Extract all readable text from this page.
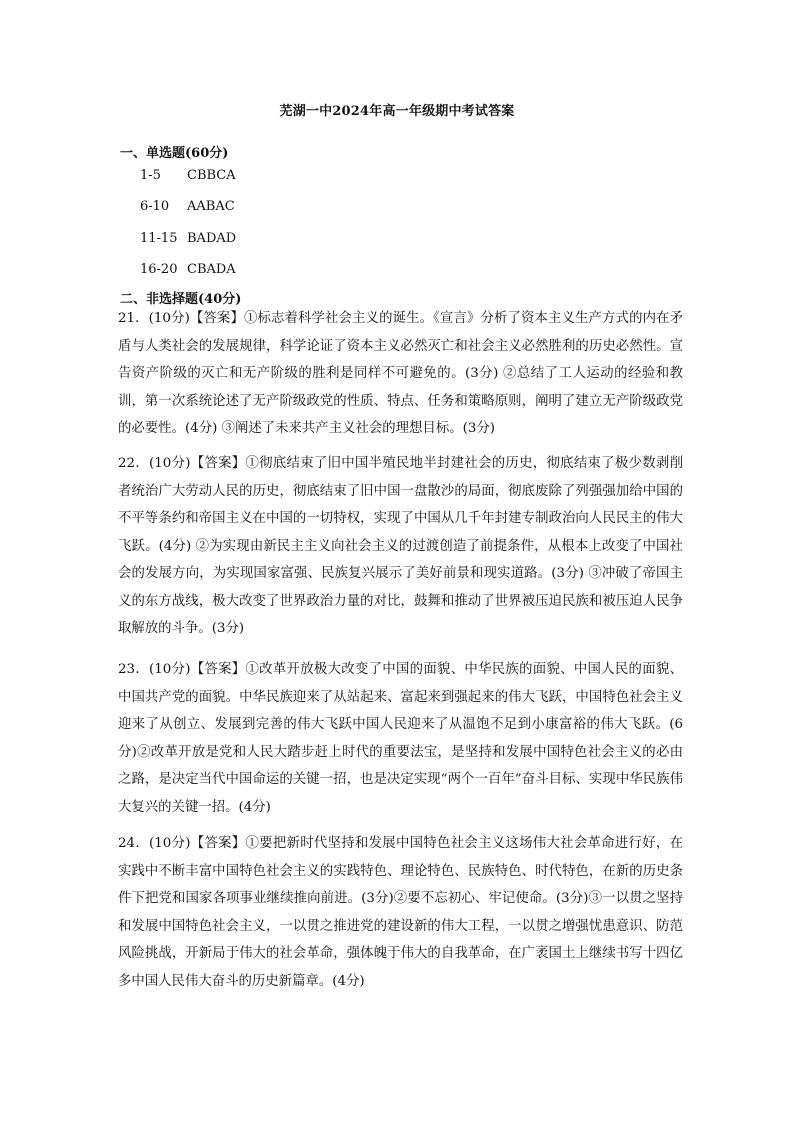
芜湖一中2024年高一年级期中考试答案
一、单选题(60分)
1-5	CBBCA
6-10	AABAC
11-15 BADAD
16-20 CBADA
二、非选择题(40分)
21．(10分)【答案】①标志着科学社会主义的诞生。《宣言》分析了资本主义生产方式的内在矛盾与人类社会的发展规律，科学论证了资本主义必然灭亡和社会主义必然胜利的历史必然性。宣告资产阶级的灭亡和无产阶级的胜利是同样不可避免的。(3分) ②总结了工人运动的经验和教训，第一次系统论述了无产阶级政党的性质、特点、任务和策略原则，阐明了建立无产阶级政党的必要性。(4分) ③阐述了未来共产主义社会的理想目标。(3分)
22．(10分)【答案】①彻底结束了旧中国半殖民地半封建社会的历史，彻底结束了极少数剥削者统治广大劳动人民的历史，彻底结束了旧中国一盘散沙的局面，彻底废除了列强强加给中国的不平等条约和帝国主义在中国的一切特权，实现了中国从几千年封建专制政治向人民民主的伟大飞跃。(4分) ②为实现由新民主主义向社会主义的过渡创造了前提条件，从根本上改变了中国社会的发展方向，为实现国家富强、民族复兴展示了美好前景和现实道路。(3分) ③冲破了帝国主义的东方战线，极大改变了世界政治力量的对比，鼓舞和推动了世界被压迫民族和被压迫人民争取解放的斗争。(3分)
23．(10分)【答案】①改革开放极大改变了中国的面貌、中华民族的面貌、中国人民的面貌、中国共产党的面貌。中华民族迎来了从站起来、富起来到强起来的伟大飞跃，中国特色社会主义迎来了从创立、发展到完善的伟大飞跃中国人民迎来了从温饱不足到小康富裕的伟大飞跃。(6分)②改革开放是党和人民大踏步赶上时代的重要法宝，是坚持和发展中国特色社会主义的必由之路，是决定当代中国命运的关键一招，也是决定实现“两个一百年”奋斗目标、实现中华民族伟大复兴的关键一招。(4分)
24．(10分)【答案】①要把新时代坚持和发展中国特色社会主义这场伟大社会革命进行好，在实践中不断丰富中国特色社会主义的实践特色、理论特色、民族特色、时代特色，在新的历史条件下把党和国家各项事业继续推向前进。(3分)②要不忘初心、牢记使命。(3分)③一以贯之坚持和发展中国特色社会主义，一以贯之推进党的建设新的伟大工程，一以贯之增强忧患意识、防范风险挑战，开新局于伟大的社会革命，强体魄于伟大的自我革命，在广袤国土上继续书写十四亿多中国人民伟大奋斗的历史新篇章。(4分)
